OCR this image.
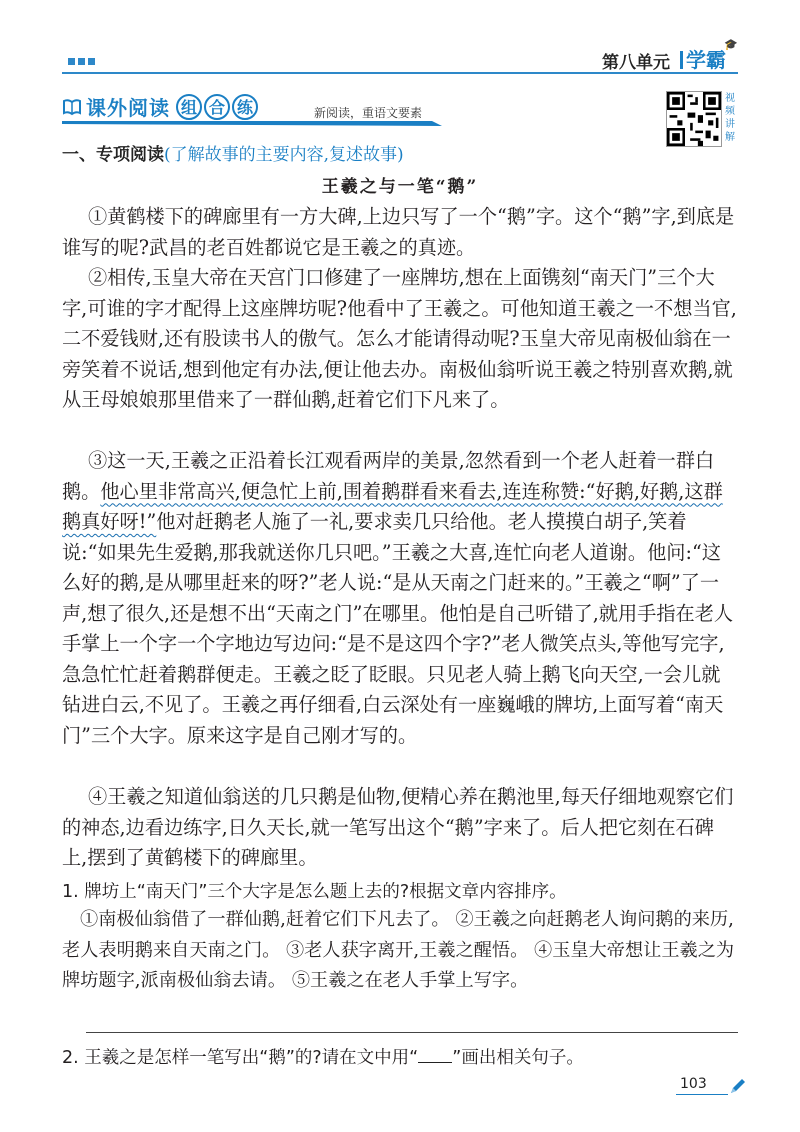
第八单元 学霸
🎓
课外阅读 组 合 练	新阅读，重语文要素
视频讲解
一、专项阅读(了解故事的主要内容,复述故事)
王羲之与一笔“鹅”

①黄鹤楼下的碑廊里有一方大碑,上边只写了一个“鹅”字。这个“鹅”字,到底是谁写的呢?武昌的老百姓都说它是王羲之的真迹。

②相传,玉皇大帝在天宫门口修建了一座牌坊,想在上面镌刻“南天门”三个大字,可谁的字才配得上这座牌坊呢?他看中了王羲之。可他知道王羲之一不想当官,二不爱钱财,还有股读书人的傲气。怎么才能请得动呢?玉皇大帝见南极仙翁在一旁笑着不说话,想到他定有办法,便让他去办。南极仙翁听说王羲之特别喜欢鹅,就从王母娘娘那里借来了一群仙鹅,赶着它们下凡来了。

③这一天,王羲之正沿着长江观看两岸的美景,忽然看到一个老人赶着一群白鹅。他心里非常高兴,便急忙上前,围着鹅群看来看去,连连称赞:“好鹅,好鹅,这群鹅真好呀!”他对赶鹅老人施了一礼,要求卖几只给他。老人摸摸白胡子,笑着说:“如果先生爱鹅,那我就送你几只吧。”王羲之大喜,连忙向老人道谢。他问:“这么好的鹅,是从哪里赶来的呀?”老人说:“是从天南之门赶来的。”王羲之“啊”了一声,想了很久,还是想不出“天南之门”在哪里。他怕是自己听错了,就用手指在老人手掌上一个字一个字地边写边问:“是不是这四个字?”老人微笑点头,等他写完字,急急忙忙赶着鹅群便走。王羲之眨了眨眼。只见老人骑上鹅飞向天空,一会儿就钻进白云,不见了。王羲之再仔细看,白云深处有一座巍峨的牌坊,上面写着“南天门”三个大字。原来这字是自己刚才写的。

④王羲之知道仙翁送的几只鹅是仙物,便精心养在鹅池里,每天仔细地观察它们的神态,边看边练字,日久天长,就一笔写出这个“鹅”字来了。后人把它刻在石碑上,摆到了黄鹤楼下的碑廊里。

1. 牌坊上“南天门”三个大字是怎么题上去的?根据文章内容排序。

①南极仙翁借了一群仙鹅,赶着它们下凡去了。 ②王羲之向赶鹅老人询问鹅的来历,老人表明鹅来自天南之门。 ③老人获字离开,王羲之醒悟。 ④玉皇大帝想让王羲之为牌坊题字,派南极仙翁去请。 ⑤王羲之在老人手掌上写字。

2. 王羲之是怎样一笔写出“鹅”的?请在文中用“ ”画出相关句子。
103
